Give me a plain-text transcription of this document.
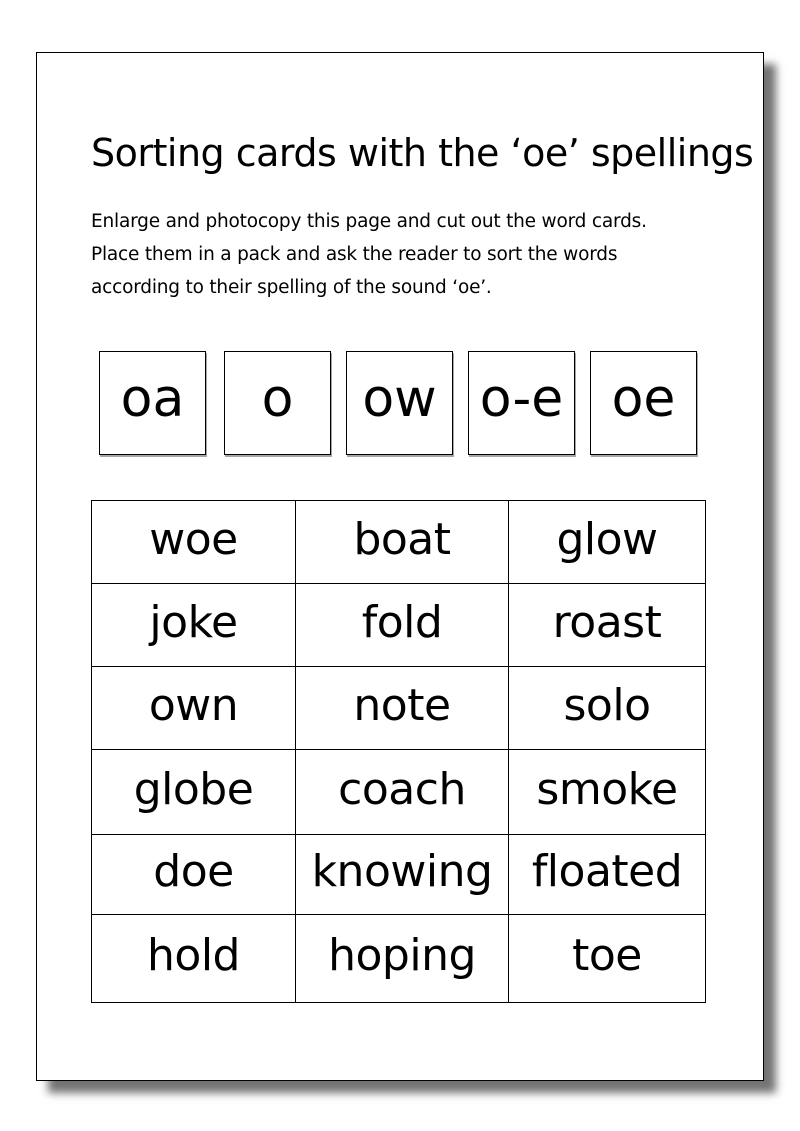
Sorting cards with the ‘oe’ spellings
Enlarge and photocopy this page and cut out the word cards.
Place them in a pack and ask the reader to sort the words
according to their spelling of the sound ‘oe’.
oa	o	ow o-e oe
woe	boat	glow
joke	fold	roast
own	note	solo
globe	coach	smoke
doe	knowing	floated
hold	hoping	toe
